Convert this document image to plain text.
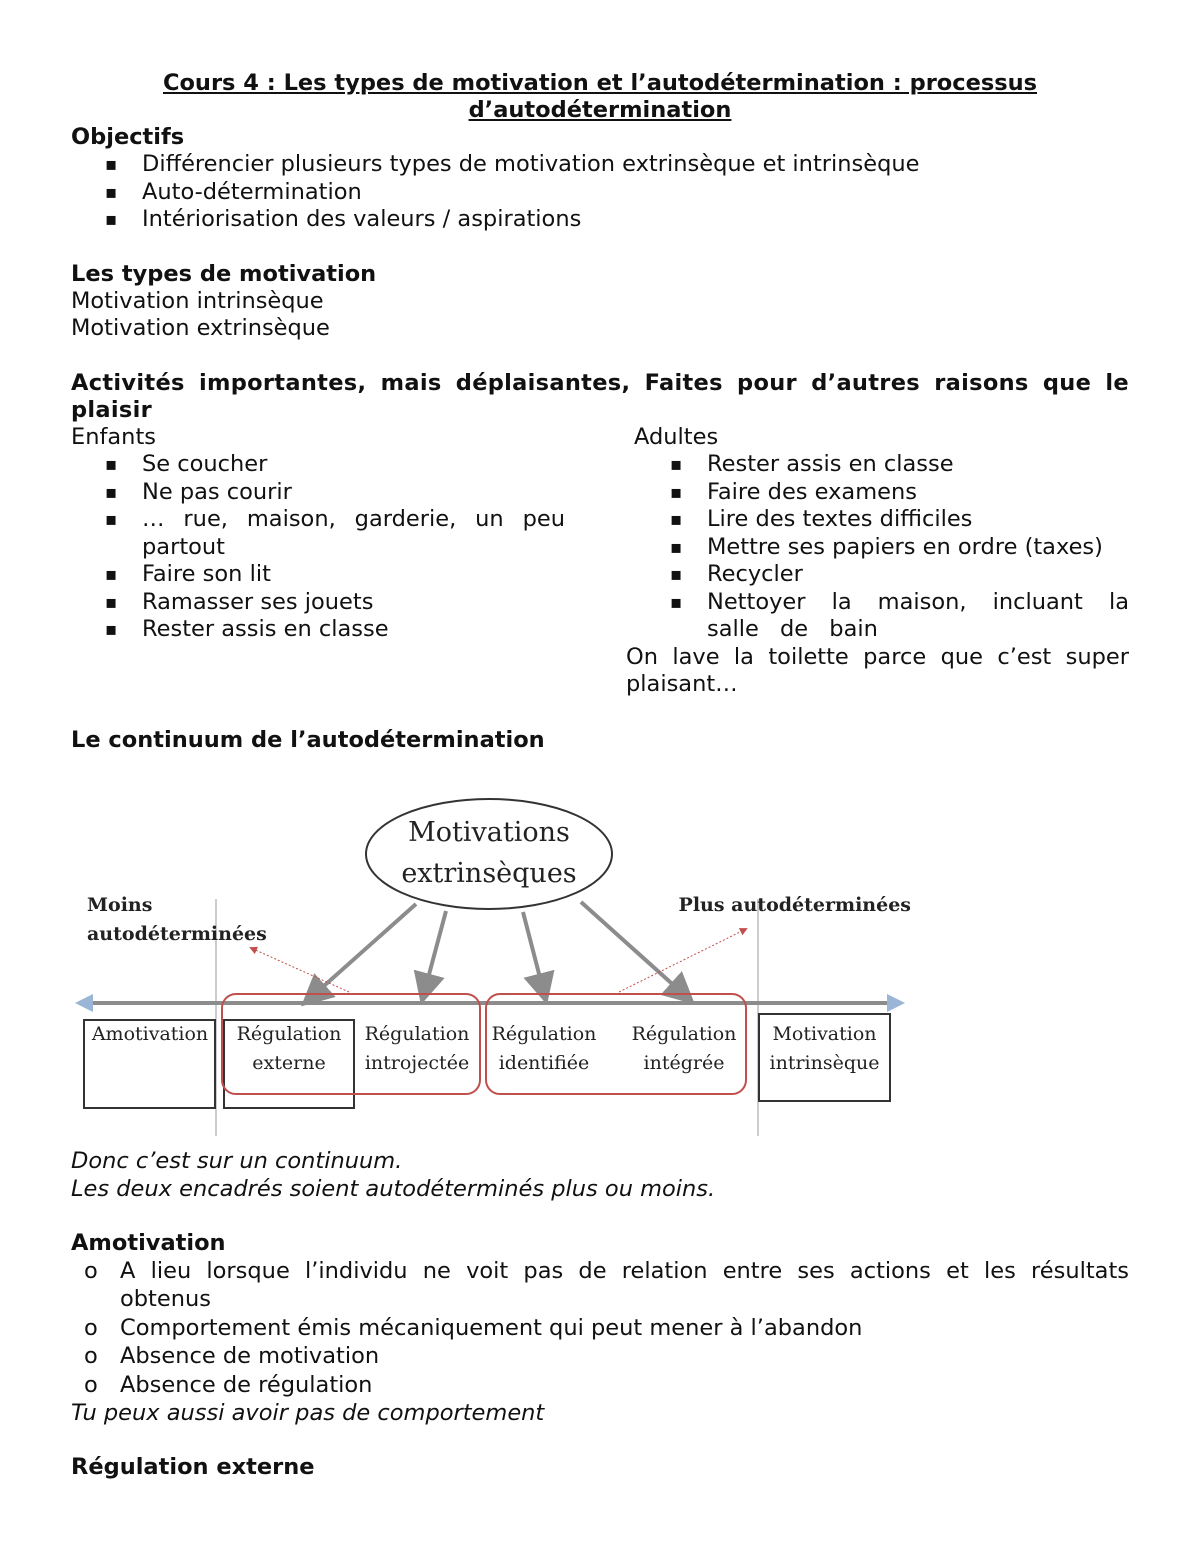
Cours 4 : Les types de motivation et l’autodétermination : processus
d’autodétermination
Objectifs
▪ Différencier plusieurs types de motivation extrinsèque et intrinsèque
▪ Auto-détermination
▪ Intériorisation des valeurs / aspirations
Les types de motivation
Motivation intrinsèque
Motivation extrinsèque
Activités importantes, mais déplaisantes, Faites pour d’autres raisons que le plaisir
Enfants
▪ Se coucher
▪ Ne pas courir
▪ … rue, maison, garderie, un peu partout
▪ Faire son lit
▪ Ramasser ses jouets
▪ Rester assis en classe
Adultes
▪ Rester assis en classe
▪ Faire des examens
▪ Lire des textes difficiles
▪ Mettre ses papiers en ordre (taxes)
▪ Recycler
▪ Nettoyer la maison, incluant la salle de bain
On lave la toilette parce que c’est super plaisant…
Le continuum de l’autodétermination
Motivations
extrinsèques
Moins autodéterminées
Plus autodéterminées
Amotivation	Régulation
externe
Régulation
introjectée
Régulation
identifiée
Régulation
intégrée
Motivation
intrinsèque
Donc c’est sur un continuum.
Les deux encadrés soient autodéterminés plus ou moins.
Amotivation
o A lieu lorsque l’individu ne voit pas de relation entre ses actions et les résultats obtenus
o Comportement émis mécaniquement qui peut mener à l’abandon
o Absence de motivation
o Absence de régulation
Tu peux aussi avoir pas de comportement
Régulation externe
